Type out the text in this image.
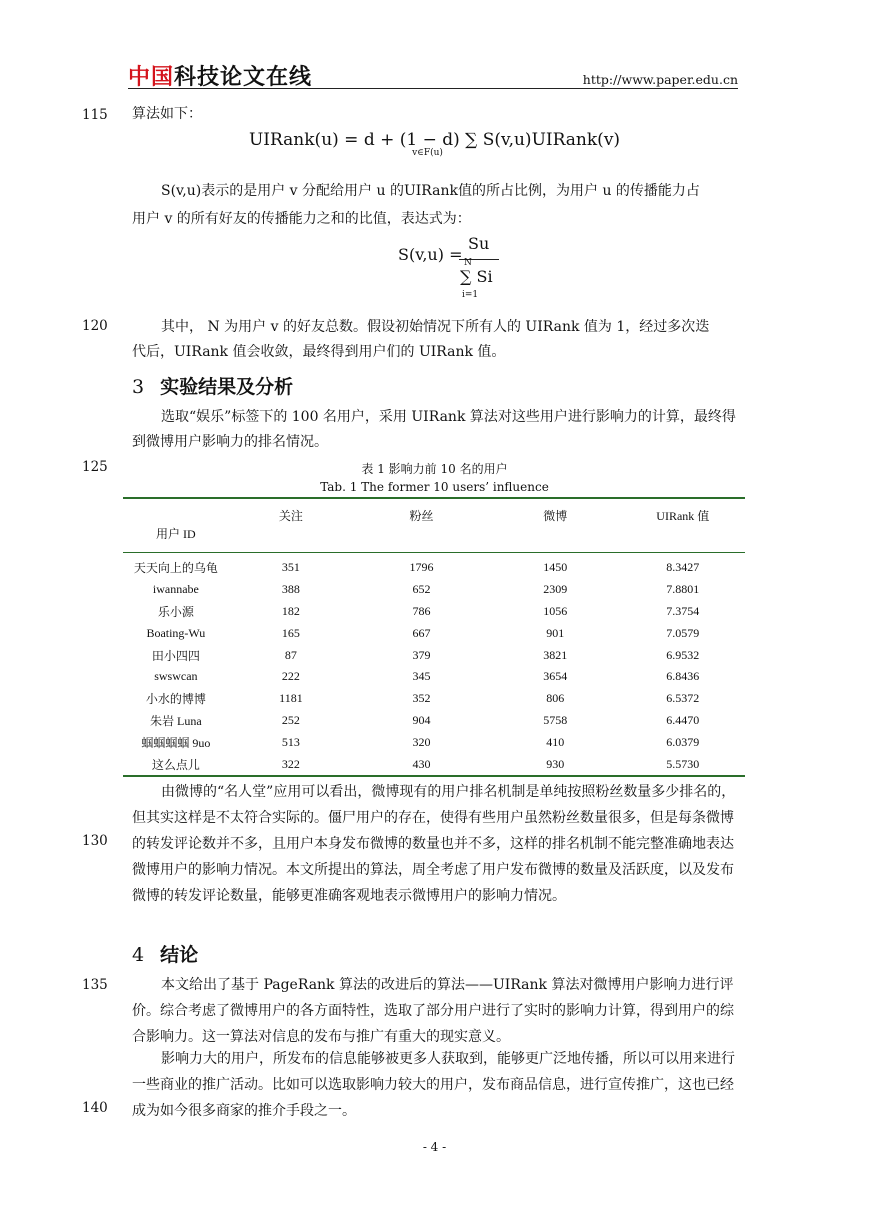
中国科技论文在线	http://www.paper.edu.cn
115
120
125
130
135
140
算法如下：
UIRank(u) = d + (1 − d) ∑ S(v,u)UIRank(v)
v∈F(u)
S(v,u)表示的是用户 v 分配给用户 u 的UIRank值的所占比例，为用户 u 的传播能力占
用户 v 的所有好友的传播能力之和的比值，表达式为：
S(v,u) =
Su
N
∑ Si
i=1
其中， N 为用户 v 的好友总数。假设初始情况下所有人的 UIRank 值为 1，经过多次迭
代后，UIRank 值会收敛，最终得到用户们的 UIRank 值。
3 实验结果及分析
选取“娱乐”标签下的 100 名用户，采用 UIRank 算法对这些用户进行影响力的计算，最终得到微博用户影响力的排名情况。
表 1 影响力前 10 名的用户
Tab. 1 The former 10 users’ influence
用户 ID	关注	粉丝	微博	UIRank 值
天天向上的乌龟	351	1796	1450	8.3427
iwannabe	388	652	2309	7.8801
乐小源	182	786	1056	7.3754
Boating-Wu	165	667	901	7.0579
田小四四	87	379	3821	6.9532
swswcan	222	345	3654	6.8436
小水的博博	1181	352	806	6.5372
朱岩 Luna	252	904	5758	6.4470
蝈蝈蝈蝈 9uo	513	320	410	6.0379
这么点儿	322	430	930	5.5730
由微博的“名人堂”应用可以看出，微博现有的用户排名机制是单纯按照粉丝数量多少排名的，但其实这样是不太符合实际的。僵尸用户的存在，使得有些用户虽然粉丝数量很多，但是每条微博的转发评论数并不多，且用户本身发布微博的数量也并不多，这样的排名机制不能完整准确地表达微博用户的影响力情况。本文所提出的算法，周全考虑了用户发布微博的数量及活跃度，以及发布微博的转发评论数量，能够更准确客观地表示微博用户的影响力情况。
4 结论
本文给出了基于 PageRank 算法的改进后的算法——UIRank 算法对微博用户影响力进行评价。综合考虑了微博用户的各方面特性，选取了部分用户进行了实时的影响力计算，得到用户的综合影响力。这一算法对信息的发布与推广有重大的现实意义。
影响力大的用户，所发布的信息能够被更多人获取到，能够更广泛地传播，所以可以用来进行一些商业的推广活动。比如可以选取影响力较大的用户，发布商品信息，进行宣传推广，这也已经成为如今很多商家的推介手段之一。
- 4 -
